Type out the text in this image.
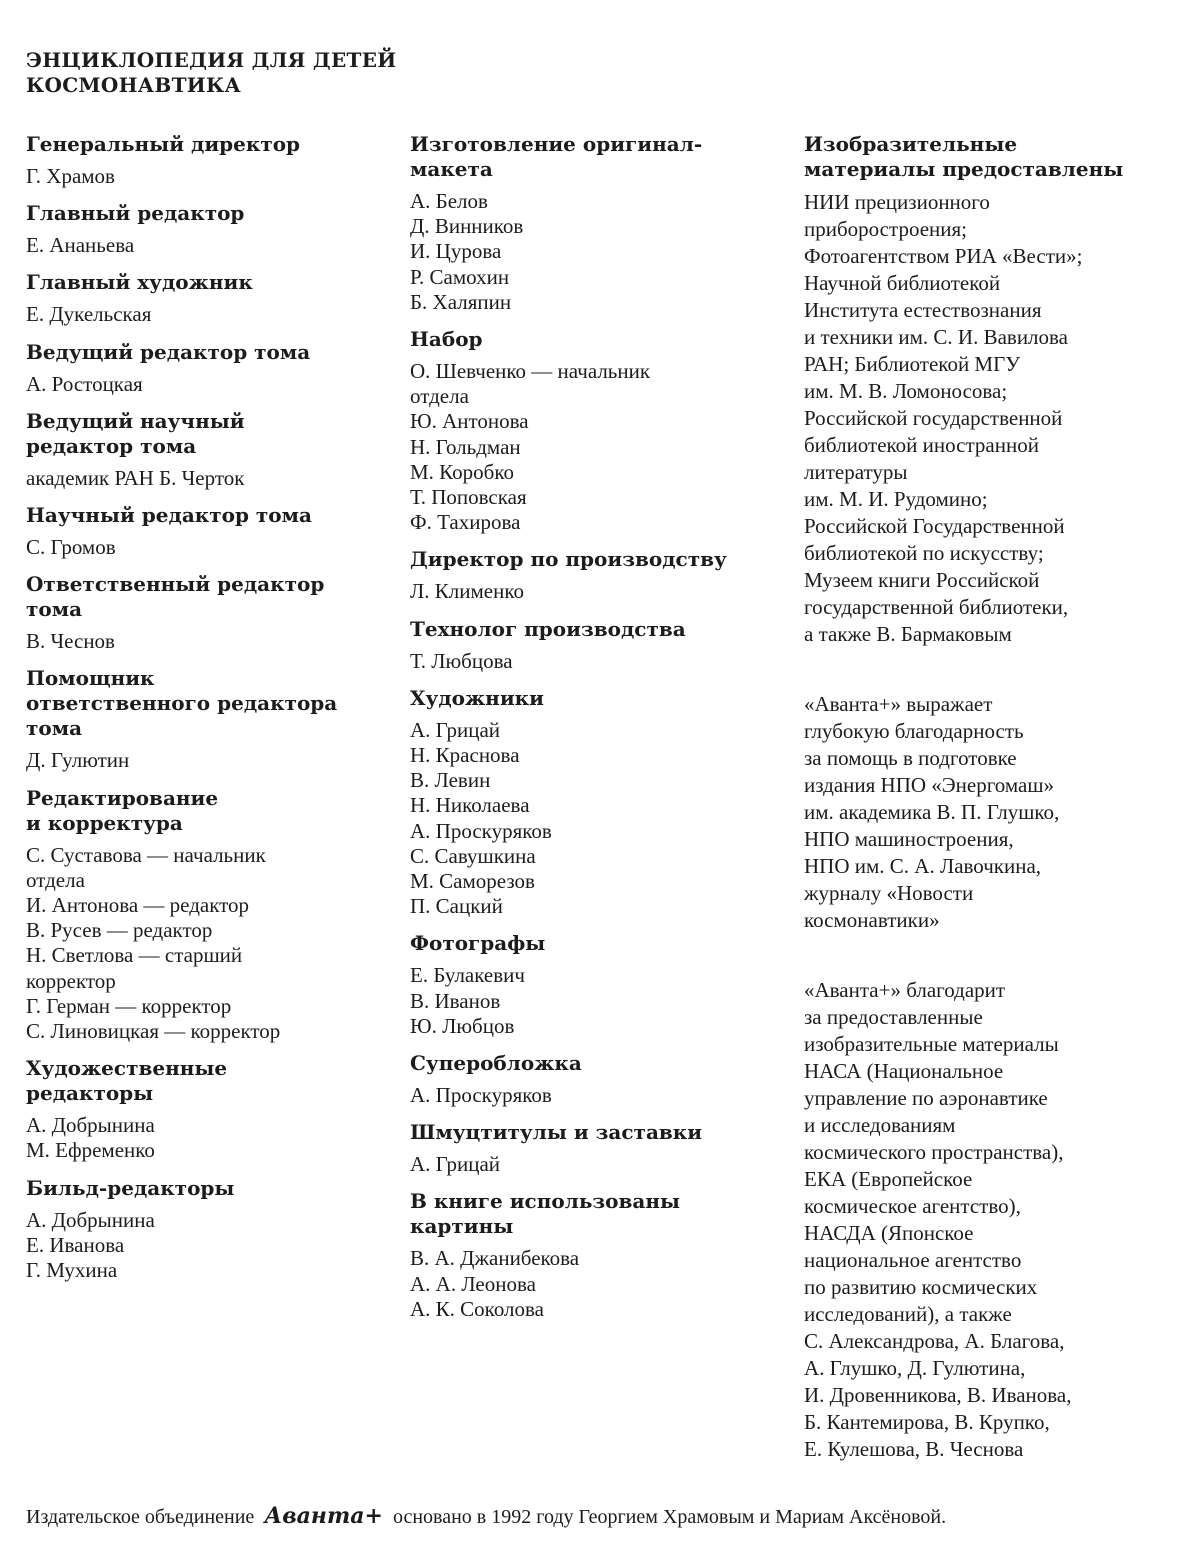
ЭНЦИКЛОПЕДИЯ ДЛЯ ДЕТЕЙ
КОСМОНАВТИКА
Генеральный директор
Г. Храмов
Главный редактор
Е. Ананьева
Главный художник
Е. Дукельская
Ведущий редактор тома
А. Ростоцкая
Ведущий научный
редактор тома
академик РАН Б. Черток
Научный редактор тома
С. Громов
Ответственный редактор
тома
В. Чеснов
Помощник
ответственного редактора
тома
Д. Гулютин
Редактирование
и корректура
С. Суставова — начальник
отдела
И. Антонова — редактор
В. Русев — редактор
Н. Светлова — старший
корректор
Г. Герман — корректор
С. Линовицкая — корректор
Художественные
редакторы
А. Добрынина
М. Ефременко
Бильд-редакторы
А. Добрынина
Е. Иванова
Г. Мухина
Изготовление оригинал-
макета
А. Белов
Д. Винников
И. Цурова
Р. Самохин
Б. Халяпин
Набор
О. Шевченко — начальник
отдела
Ю. Антонова
Н. Гольдман
М. Коробко
Т. Поповская
Ф. Тахирова
Директор по производству
Л. Клименко
Технолог производства
Т. Любцова
Художники
А. Грицай
Н. Краснова
В. Левин
Н. Николаева
А. Проскуряков
С. Савушкина
М. Саморезов
П. Сацкий
Фотографы
Е. Булакевич
В. Иванов
Ю. Любцов
Суперобложка
А. Проскуряков
Шмуцтитулы и заставки
А. Грицай
В книге использованы
картины
В. А. Джанибекова
А. А. Леонова
А. К. Соколова
Изобразительные
материалы предоставлены
НИИ прецизионного
приборостроения;
Фотоагентством РИА «Вести»;
Научной библиотекой
Института естествознания
и техники им. С. И. Вавилова
РАН; Библиотекой МГУ
им. М. В. Ломоносова;
Российской государственной
библиотекой иностранной
литературы
им. М. И. Рудомино;
Российской Государственной
библиотекой по искусству;
Музеем книги Российской
государственной библиотеки,
а также В. Бармаковым
«Аванта+» выражает
глубокую благодарность
за помощь в подготовке
издания НПО «Энергомаш»
им. академика В. П. Глушко,
НПО машиностроения,
НПО им. С. А. Лавочкина,
журналу «Новости
космонавтики»
«Аванта+» благодарит
за предоставленные
изобразительные материалы
НАСА (Национальное
управление по аэронавтике
и исследованиям
космического пространства),
ЕКА (Европейское
космическое агентство),
НАСДА (Японское
национальное агентство
по развитию космических
исследований), а также
С. Александрова, А. Благова,
А. Глушко, Д. Гулютина,
И. Дровенникова, В. Иванова,
Б. Кантемирова, В. Крупко,
Е. Кулешова, В. Чеснова
Издательское объединение Аванта+ основано в 1992 году Георгием Храмовым и Мариам Аксёновой.
